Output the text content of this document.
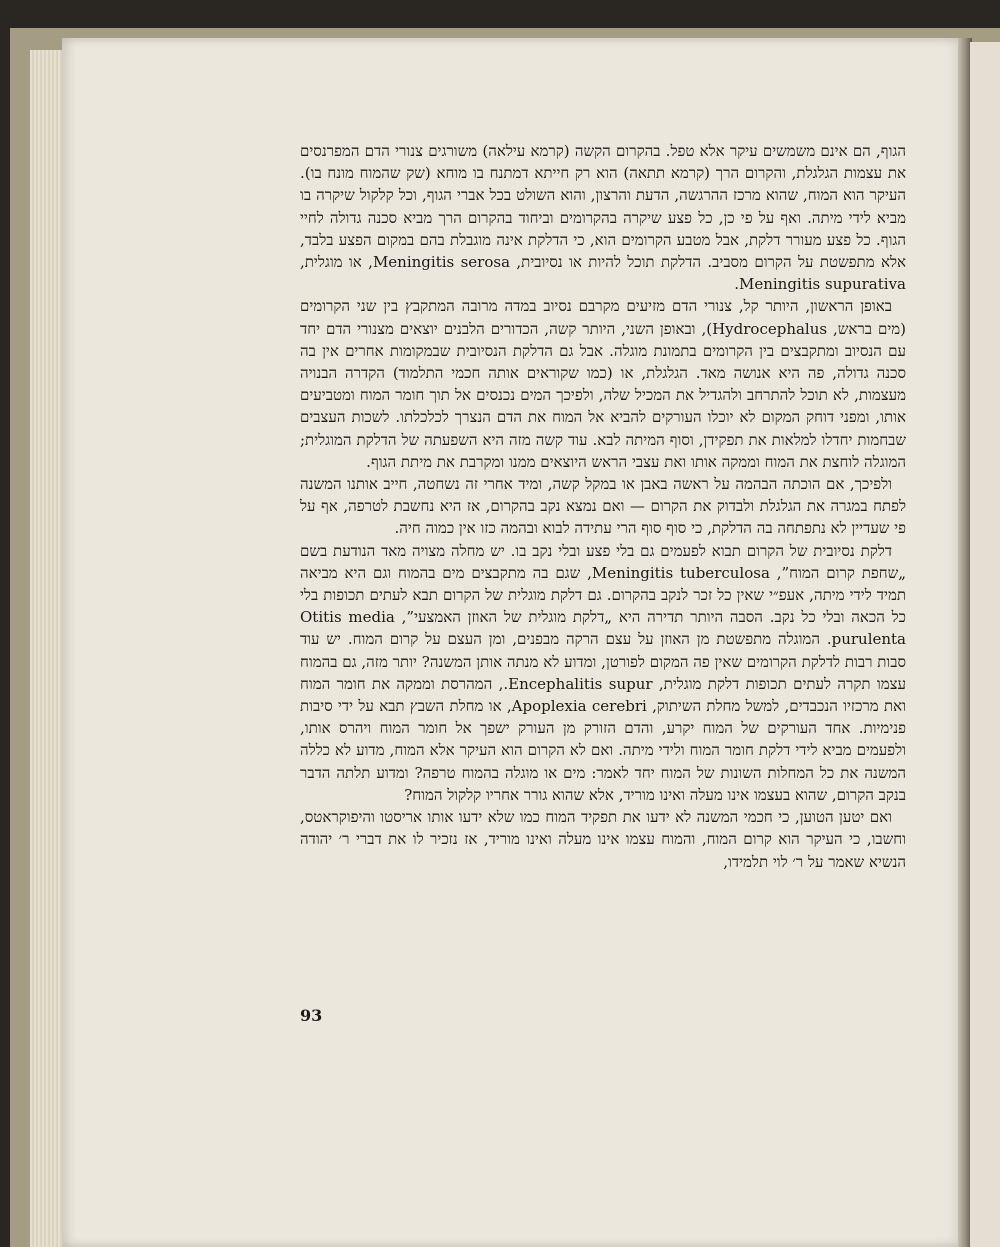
הגוף, הם אינם משמשים עיקר אלא טפל. בהקרום הקשה (קרמא עילאה) משורגים צנורי הדם המפרנסים את עצמות הגלגלת, והקרום הרך (קרמא תתאה) הוא רק חייתא דמתנח בו מוחא (שק שהמוח מונח בו). העיקר הוא המוח, שהוא מרכז ההרגשה, הדעת והרצון, והוא השולט בכל אברי הגוף, וכל קלקול שיקרה בו מביא לידי מיתה. ואף על פי כן, כל פצע שיקרה בהקרומים וביחוד בהקרום הרך מביא סכנה גדולה לחיי הגוף. כל פצע מעורר דלקת, אבל מטבע הקרומים הוא, כי הדלקת אינה מוגבלת בהם במקום הפצע בלבד, אלא מתפשטת על הקרום מסביב. הדלקת תוכל להיות או נסיובית, Meningitis serosa, או מוגלית, Meningitis supurativa.

באופן הראשון, היותר קל, צנורי הדם מזיעים מקרבם נסיוב במדה מרובה המתקבץ בין שני הקרומים (מים בראש, Hydrocephalus), ובאופן השני, היותר קשה, הכדורים הלבנים יוצאים מצנורי הדם יחד עם הנסיוב ומתקבצים בין הקרומים בתמונת מוגלה. אבל גם הדלקת הנסיובית שבמקומות אחרים אין בה סכנה גדולה, פה היא אנושה מאד. הגלגלת, או (כמו שקוראים אותה חכמי התלמוד) הקדרה הבנויה מעצמות, לא תוכל להתרחב ולהגדיל את המכיל שלה, ולפיכך המים נכנסים אל תוך חומר המוח ומטביעים אותו, ומפני דוחק המקום לא יוכלו העורקים להביא אל המוח את הדם הנצרך לכלכלתו. לשכות העצבים שבחמות יחדלו למלאות את תפקידן, וסוף המיתה לבא. עוד קשה מזה היא השפעתה של הדלקת המוגלית; המוגלה לוחצת את המוח וממקה אותו ואת עצבי הראש היוצאים ממנו ומקרבת את מיתת הגוף.

ולפיכך, אם הוכתה הבהמה על ראשה באבן או במקל קשה, ומיד אחרי זה נשחטה, חייב אותנו המשנה לפתח במגרה את הגלגלת ולבדוק את הקרום — ואם נמצא נקב בהקרום, אז היא נחשבת לטרפה, אף על פי שעדיין לא נתפתחה בה הדלקת, כי סוף סוף הרי עתידה לבוא ובהמה כזו אין כמוה חיה.

דלקת נסיובית של הקרום תבוא לפעמים גם בלי פצע ובלי נקב בו. יש מחלה מצויה מאד הנודעת בשם „שחפת קרום המוח”, Meningitis tuberculosa, שגם בה מתקבצים מים בהמוח וגם היא מביאה תמיד לידי מיתה, אעפ״י שאין כל זכר לנקב בהקרום. גם דלקת מוגלית של הקרום תבא לעתים תכופות בלי כל הכאה ובלי כל נקב. הסבה היותר תדירה היא „דלקת מוגלית של האוזן האמצעי”, Otitis media purulenta. המוגלה מתפשטת מן האוזן על עצם הרקה מבפנים, ומן העצם על קרום המוח. יש עוד סבות רבות לדלקת הקרומים שאין פה המקום לפורטן, ומדוע לא מנתה אותן המשנה? יותר מזה, גם בהמוח עצמו תקרה לעתים תכופות דלקת מוגלית, Encephalitis supur., המהרסת וממקה את חומר המוח ואת מרכזיו הנכבדים, למשל מחלת השיתוק, Apoplexia cerebri, או מחלת השבץ תבא על ידי סיבות פנימיות. אחד העורקים של המוח יקרע, והדם הזורק מן העורק ישפך אל חומר המוח ויהרס אותו, ולפעמים מביא לידי דלקת חומר המוח ולידי מיתה. ואם לא הקרום הוא העיקר אלא המוח, מדוע לא כללה המשנה את כל המחלות השונות של המוח יחד לאמר: מים או מוגלה בהמוח טרפה? ומדוע תלתה הדבר בנקב הקרום, שהוא בעצמו אינו מעלה ואינו מוריד, אלא שהוא גורר אחריו קלקול המוח?

ואם יטען הטוען, כי חכמי המשנה לא ידעו את תפקיד המוח כמו שלא ידעו אותו אריסטו והיפוקראטס, וחשבו, כי העיקר הוא קרום המוח, והמוח עצמו אינו מעלה ואינו מוריד, אז נזכיר לו את דברי ר׳ יהודה הנשיא שאמר על ר׳ לוי תלמידו,

93
